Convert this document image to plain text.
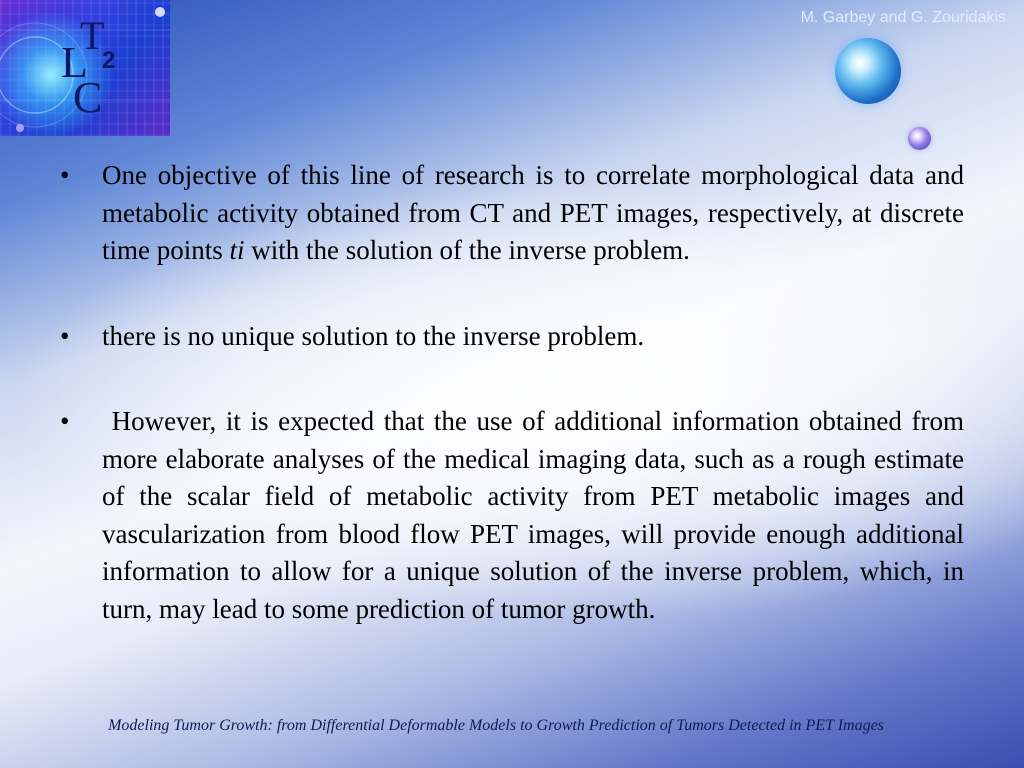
L
T
2
C
M. Garbey and G. Zouridakis
• One objective of this line of research is to correlate morphological data and metabolic activity obtained from CT and PET images, respectively, at discrete time points ti with the solution of the inverse problem.
• there is no unique solution to the inverse problem.
• However, it is expected that the use of additional information obtained from more elaborate analyses of the medical imaging data, such as a rough estimate of the scalar field of metabolic activity from PET metabolic images and vascularization from blood flow PET images, will provide enough additional information to allow for a unique solution of the inverse problem, which, in turn, may lead to some prediction of tumor growth.
Modeling Tumor Growth: from Differential Deformable Models to Growth Prediction of Tumors Detected in PET Images
